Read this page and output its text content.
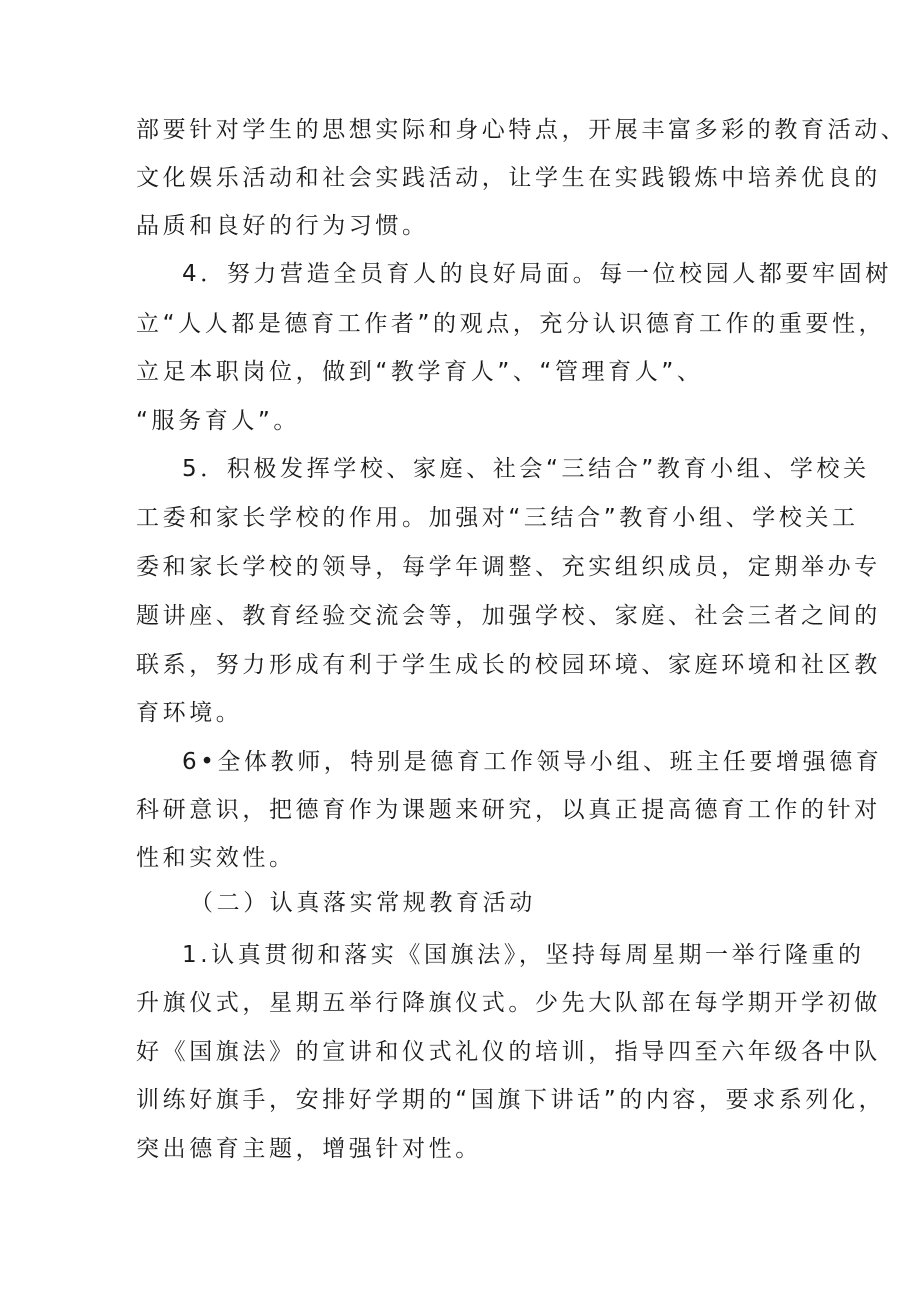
部要针对学生的思想实际和身心特点，开展丰富多彩的教育活动、
文化娱乐活动和社会实践活动，让学生在实践锻炼中培养优良的
品质和良好的行为习惯。
4．努力营造全员育人的良好局面。每一位校园人都要牢固树
立“人人都是德育工作者”的观点，充分认识德育工作的重要性，
立足本职岗位，做到“教学育人”、“管理育人”、
“服务育人”。
5．积极发挥学校、家庭、社会“三结合”教育小组、学校关
工委和家长学校的作用。加强对“三结合”教育小组、学校关工
委和家长学校的领导，每学年调整、充实组织成员，定期举办专
题讲座、教育经验交流会等，加强学校、家庭、社会三者之间的
联系，努力形成有利于学生成长的校园环境、家庭环境和社区教
育环境。
6•全体教师，特别是德育工作领导小组、班主任要增强德育
科研意识，把德育作为课题来研究，以真正提高德育工作的针对
性和实效性。
（二）认真落实常规教育活动
1.认真贯彻和落实《国旗法》，坚持每周星期一举行隆重的
升旗仪式，星期五举行降旗仪式。少先大队部在每学期开学初做
好《国旗法》的宣讲和仪式礼仪的培训，指导四至六年级各中队
训练好旗手，安排好学期的“国旗下讲话”的内容，要求系列化，
突出德育主题，增强针对性。
